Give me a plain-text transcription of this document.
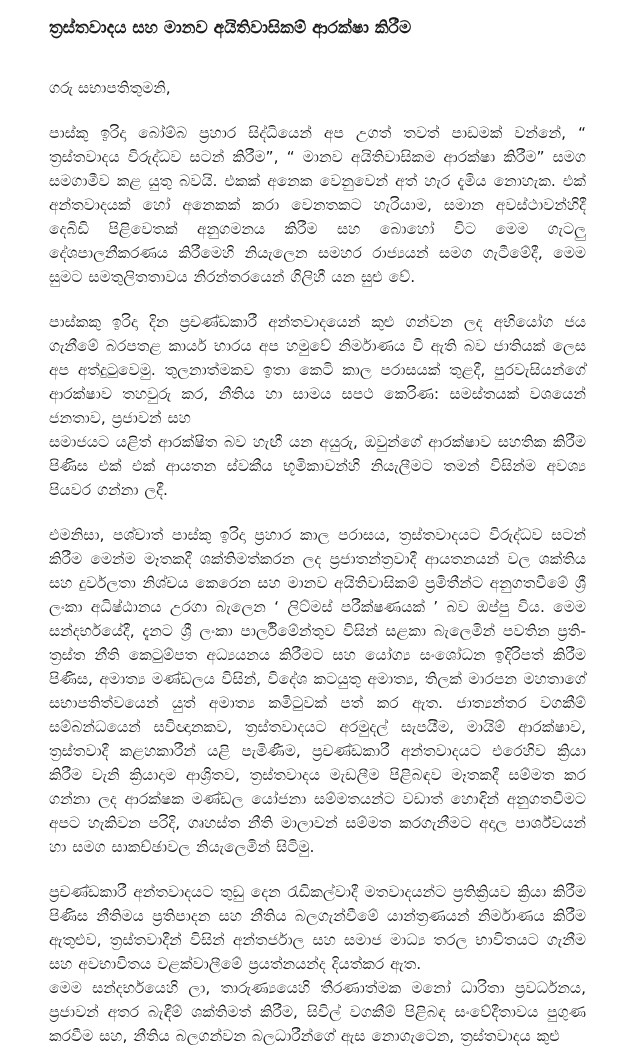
ත්‍රස්තවාදය සහ මානව අයිතිවාසිකම් ආරක්ෂා කිරීම

ගරු සභාපතිතුමනි,

පාස්කු ඉරිදා බෝම්බ ප්‍රහාර සිද්ධියෙන් අප උගත් තවත් පාඩමක් වන්නේ, “ ත්‍රස්තවාදය විරුද්ධව සටන් කිරීම”, “ මානව අයිතිවාසිකම ආරක්ෂා කිරීම” සමග සමගාමීව කළ යුතු බවයි. එකක් අනෙක වෙනුවෙන් අත් හැර දැමිය නොහැක. එක් අන්තවාදයක් හෝ අනෙකක් කරා වෙනතකට හැරියාම, සමාන අවස්ථාවන්හිදී දෙබිඩි පිළිවෙතක් අනුගමනය කිරීම සහ බොහෝ විට මෙම ගැටලු දේශපාලනීකරණය කිරීමෙහි නියැලෙන සමහර රාජ්‍යයන් සමග ගැටීමේදී, මෙම සුමට සමතුලිතතාවය නිරන්තරයෙන් ගිලිහී යන සුළු වේ.

පාස්කකු ඉරිදා දින ප්‍රචණ්ඩකාරී අන්තවාදයෙන් කුළු ගන්වන ලද අභියෝග ජය ගැනීමේ බරපතළ කාර්ය භාරය අප හමුවේ නිර්මාණය වී ඇති බව ජාතියක් ලෙස අප අත්දුටුවෙමු. තුලනාත්මකව ඉතා කෙටි කාල පරාසයක් තුළදී, පුරවැසියන්ගේ ආරක්ෂාව තහවුරු කර, නීතිය හා සාමය සපථ කෙරිණ: සමස්තයක් වශයෙන් ජනතාව, ප්‍රජාවන් සහ

සමාජයට යළිත් ආරක්ෂිත බව හැඟී යන අයුරු, ඔවුන්ගේ ආරක්ෂාව සහතික කිරීම පිණිස එක් එක් ආයතන ස්වකීය භූමිකාවන්හි නියැලීමට තමන් විසින්ම අවශ්‍ය පියවර ගන්නා ලදී.

එමනිසා, පශ්චාත් පාස්කු ඉරිදා ප්‍රහාර කාල පරාසය, ත්‍රස්තවාදයට විරුද්ධව සටන් කිරීම මෙන්ම මෑතකදී ශක්තිමත්කරන ලද ප්‍රජාතන්ත්‍රවාදී ආයතනයන් වල ශක්තිය සහ දුර්වලතා නිශ්චය කෙරෙන සහ මානව අයිතිවාසිකම් ප්‍රමිතීන්ට අනුගතවීමේ ශ්‍රී ලංකා අධිෂ්ඨානය උරගා බැලෙන ‘ ලිට්මස් පරීක්ෂණයක් ’ බව ඔප්පු විය. මෙම සන්දර්භයේදී, දැනට ශ්‍රී ලංකා පාර්ලිමේන්තුව විසින් සළකා බැලෙමින් පවතින ප්‍රති-ත්‍රස්ත නීති කෙටුම්පත අධ්‍යයනය කිරීමට සහ යෝග්‍ය සංශෝධන ඉදිරිපත් කිරීම පිණිස, අමාත්‍ය මණ්ඩලය විසින්, විදේශ කටයුතු අමාත්‍ය, තිලක් මාරපන මහතාගේ සභාපතිත්වයෙන් යුත් අමාත්‍ය කමිටුවක් පත් කර ඇත. ජාත්‍යන්තර වගකීම් සම්බන්ධයෙන් සවිඥානකව, ත්‍රස්තවාදයට අරමුදල් සැපයීම, මායිම් ආරක්ෂාව, ත්‍රස්තවාදී කළහකාරීන් යළි පැමිණීම, ප්‍රචණ්ඩකාරී අන්තවාදයට එරෙහිව ක්‍රියා කිරීම වැනි ක්‍රියාදාම ආශ්‍රිතව, ත්‍රස්තවාදය මැඩලීම පිළිබඳව මෑතකදී සම්මත කර ගන්නා ලද ආරක්ෂක මණ්ඩල යෝජනා සම්මතයන්ට වඩාත් හොඳින් අනුගතවීමට අපට හැකිවන පරිදි, ගෘහස්ත නීති මාලාවන් සම්මත කරගැනීමට අදාල පාර්ශ්වයන් හා සමග සාකච්ඡාවල නියැලෙමින් සිටිමු.

ප්‍රචණ්ඩකාරී අන්තවාදයට තුඩු දෙන රැඩිකල්වාදී මතවාදයන්ට ප්‍රතික්‍රියව ක්‍රියා කිරීම පිණිස නීතිමය ප්‍රතිපාදන සහ නීතිය බලගැන්වීමේ යාන්ත්‍රණයන් නිර්මාණය කිරීම ඇතුළුව, ත්‍රස්තවාදීන් විසින් අන්තර්ජාල සහ සමාජ මාධ්‍ය තරල භාවිතයට ගැනීම සහ අවභාවිතය වළක්වාලීමේ ප්‍රයත්නයන්ද දියත්කර ඇත.

මෙම සන්දර්භයෙහි ලා, තාරුණ්‍යයෙහි තීරණාත්මක මනෝ ධාරිතා ප්‍රවර්ධනය, ප්‍රජාවන් අතර බැඳීම් ශක්තිමත් කිරීම, සිවිල් වගකීම් පිළිබඳ සංවේදීතාවය පුගුණ කරවීම සහ, නීතිය බලගන්වන බලධාරීන්ගේ ඇස නොගැටෙන, ත්‍රස්තවාදය කුළු
